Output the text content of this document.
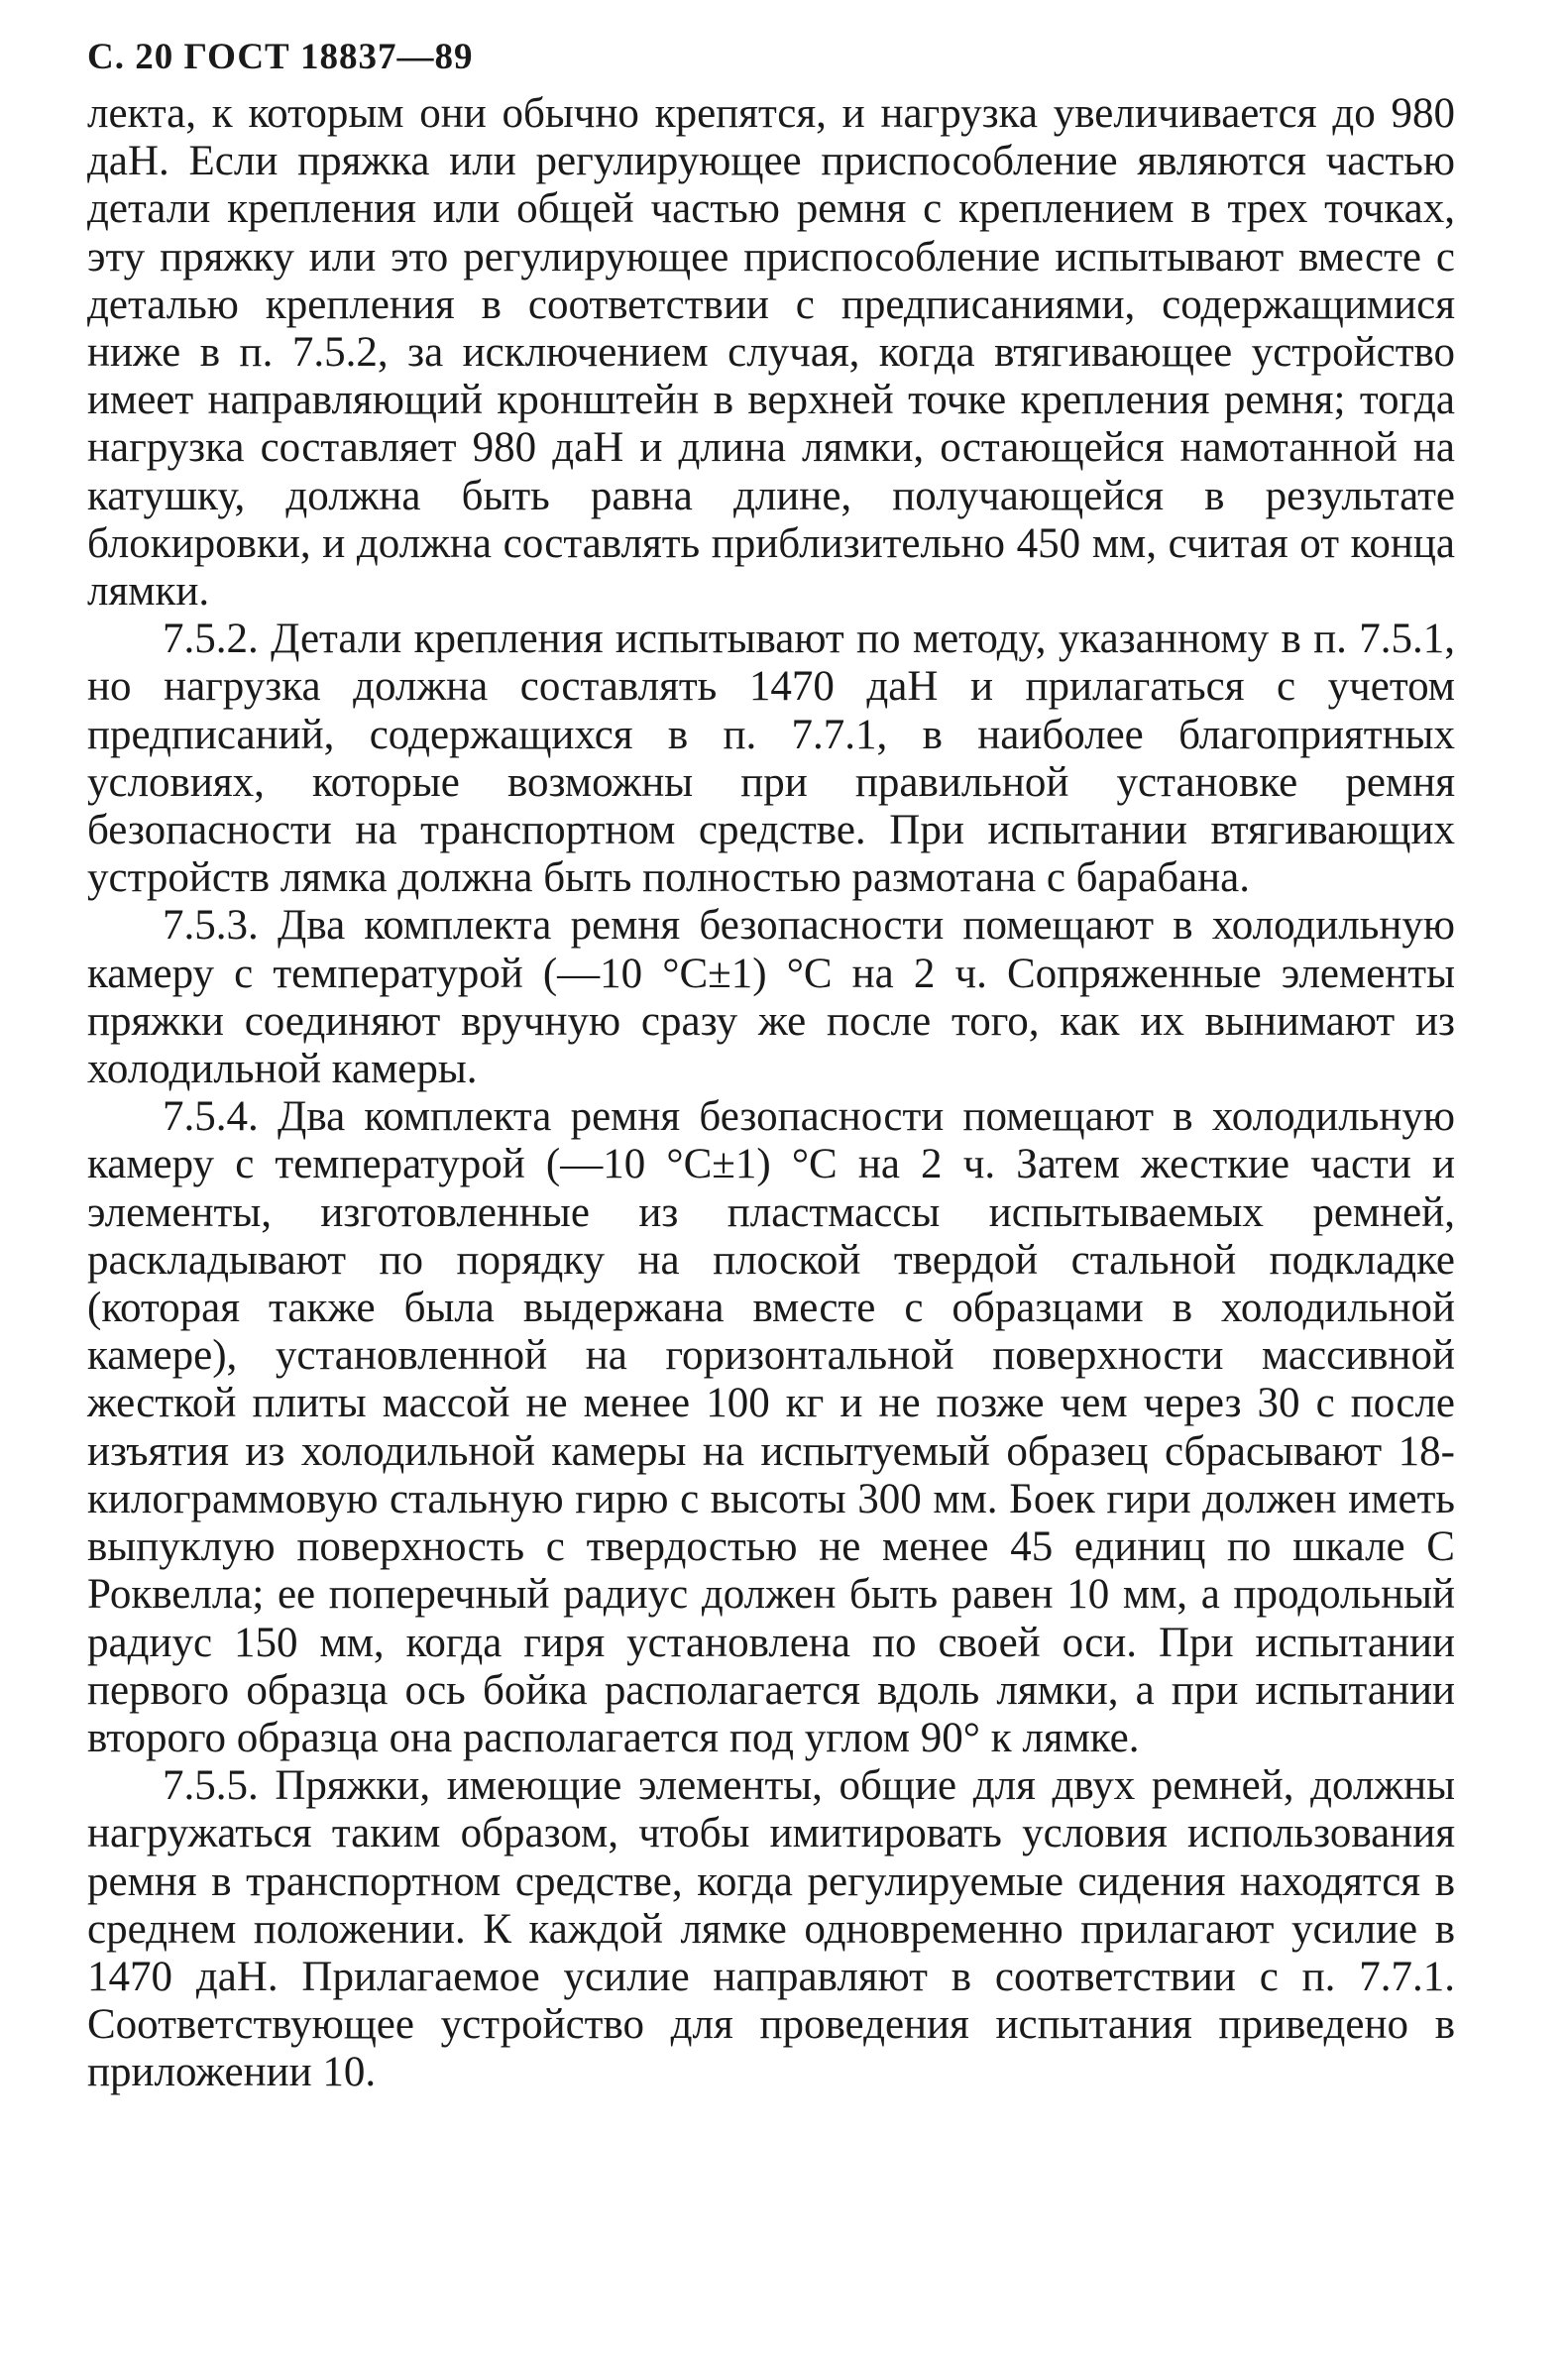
С. 20 ГОСТ 18837—89

лекта, к которым они обычно крепятся, и нагрузка увеличивается до 980 даН. Если пряжка или регулирующее приспособление являются частью детали крепления или общей частью ремня с креплением в трех точках, эту пряжку или это регулирующее приспособление испытывают вместе с деталью крепления в соответствии с предписаниями, содержащимися ниже в п. 7.5.2, за исключением случая, когда втягивающее устройство имеет направляющий кронштейн в верхней точке крепления ремня; тогда нагрузка составляет 980 даН и длина лямки, остающейся намотанной на катушку, должна быть равна длине, получающейся в результате блокировки, и должна составлять приблизительно 450 мм, считая от конца лямки.

7.5.2. Детали крепления испытывают по методу, указанному в п. 7.5.1, но нагрузка должна составлять 1470 даН и прилагаться с учетом предписаний, содержащихся в п. 7.7.1, в наиболее благоприятных условиях, которые возможны при правильной установке ремня безопасности на транспортном средстве. При испытании втягивающих устройств лямка должна быть полностью размотана с барабана.

7.5.3. Два комплекта ремня безопасности помещают в холодильную камеру с температурой (—10 °С±1) °С на 2 ч. Сопряженные элементы пряжки соединяют вручную сразу же после того, как их вынимают из холодильной камеры.

7.5.4. Два комплекта ремня безопасности помещают в холодильную камеру с температурой (—10 °С±1) °С на 2 ч. Затем жесткие части и элементы, изготовленные из пластмассы испытываемых ремней, раскладывают по порядку на плоской твердой стальной подкладке (которая также была выдержана вместе с образцами в холодильной камере), установленной на горизонтальной поверхности массивной жесткой плиты массой не менее 100 кг и не позже чем через 30 с после изъятия из холодильной камеры на испытуемый образец сбрасывают 18-килограммовую стальную гирю с высоты 300 мм. Боек гири должен иметь выпуклую поверхность с твердостью не менее 45 единиц по шкале С Роквелла; ее поперечный радиус должен быть равен 10 мм, а продольный радиус 150 мм, когда гиря установлена по своей оси. При испытании первого образца ось бойка располагается вдоль лямки, а при испытании второго образца она располагается под углом 90° к лямке.

7.5.5. Пряжки, имеющие элементы, общие для двух ремней, должны нагружаться таким образом, чтобы имитировать условия использования ремня в транспортном средстве, когда регулируемые сидения находятся в среднем положении. К каждой лямке одновременно прилагают усилие в 1470 даН. Прилагаемое усилие направляют в соответствии с п. 7.7.1. Соответствующее устройство для проведения испытания приведено в приложении 10.
